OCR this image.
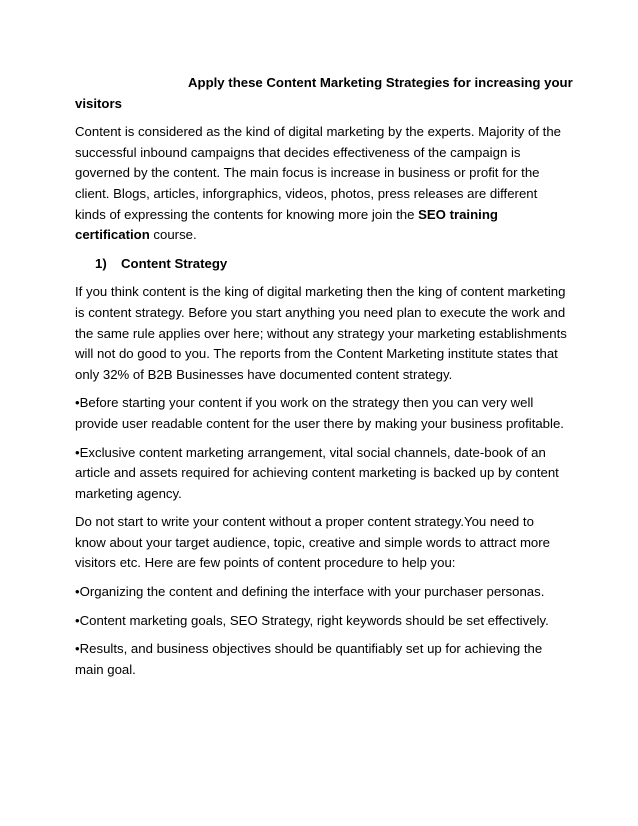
Apply these Content Marketing Strategies for increasing your
visitors

Content is considered as the kind of digital marketing by the experts. Majority of the successful inbound campaigns that decides effectiveness of the campaign is governed by the content. The main focus is increase in business or profit for the client. Blogs, articles, inforgraphics, videos, photos, press releases are different kinds of expressing the contents for knowing more join the SEO training certification course.

1) Content Strategy

If you think content is the king of digital marketing then the king of content marketing is content strategy. Before you start anything you need plan to execute the work and the same rule applies over here; without any strategy your marketing establishments will not do good to you. The reports from the Content Marketing institute states that only 32% of B2B Businesses have documented content strategy.

•Before starting your content if you work on the strategy then you can very well provide user readable content for the user there by making your business profitable.

•Exclusive content marketing arrangement, vital social channels, date-book of an article and assets required for achieving content marketing is backed up by content marketing agency.

Do not start to write your content without a proper content strategy.You need to know about your target audience, topic, creative and simple words to attract more visitors etc. Here are few points of content procedure to help you:

•Organizing the content and defining the interface with your purchaser personas.

•Content marketing goals, SEO Strategy, right keywords should be set effectively.

•Results, and business objectives should be quantifiably set up for achieving the main goal.
